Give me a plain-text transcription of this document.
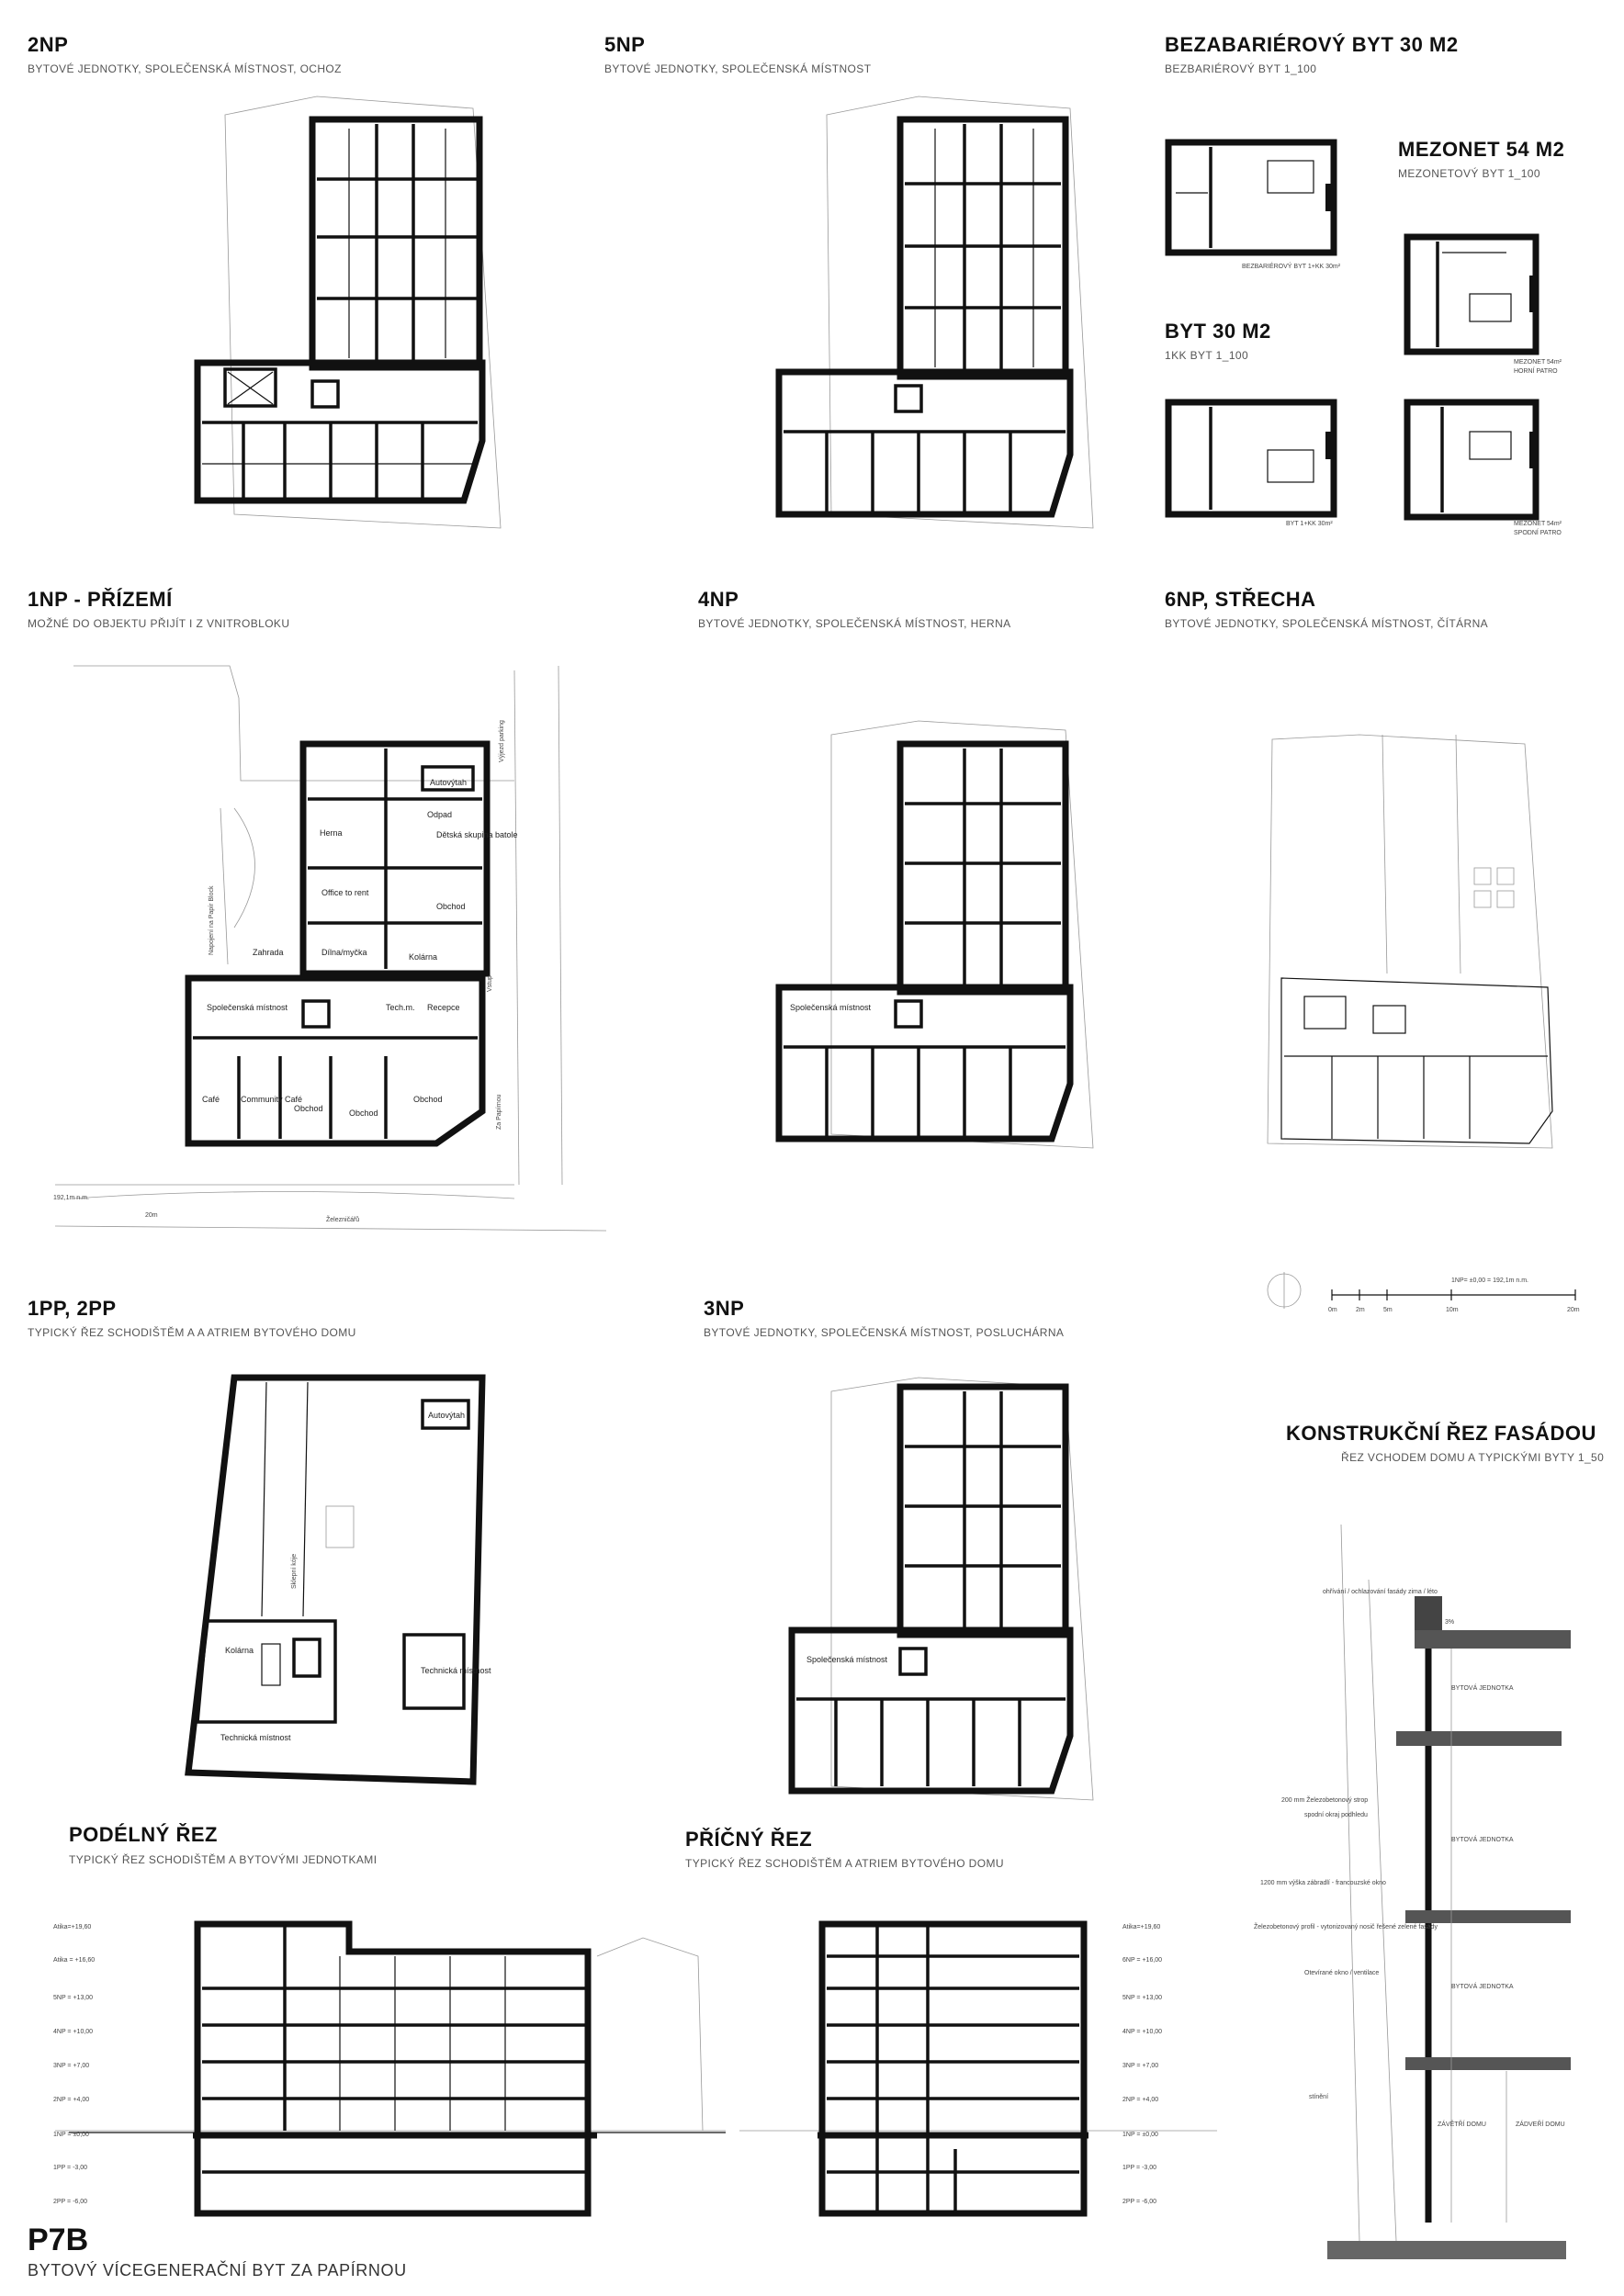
2NP
BYTOVÉ JEDNOTKY, SPOLEČENSKÁ MÍSTNOST, OCHOZ
5NP
BYTOVÉ JEDNOTKY, SPOLEČENSKÁ MÍSTNOST
BEZABARIÉROVÝ BYT 30 M2
BEZBARIÉROVÝ BYT 1_100
MEZONET 54 M2
MEZONETOVÝ BYT 1_100
BYT 30 M2
1KK BYT 1_100
BEZBARIÉROVÝ BYT 1+KK 30m²
BYT 1+KK 30m²
MEZONET 54m²
HORNÍ PATRO
MEZONET 54m²
SPODNÍ PATRO
1NP - PŘÍZEMÍ
MOŽNÉ DO OBJEKTU PŘIJÍT I Z VNITROBLOKU
Autovýtah
Odpad
Herna	Dětská skupina batole
Office to rent
Obchod
Zahrada	Dílna/myčka	Kolárna
Společenská místnost	Tech.m. Recepce
Café	Community Café
Obchod	Obchod
Obchod
Napojení na Papír Block
Za Papírnou
Vstup
Výjezd parking
Železničářů
192,1m n.m.
20m
4NP
BYTOVÉ JEDNOTKY, SPOLEČENSKÁ MÍSTNOST, HERNA
Společenská místnost
6NP, STŘECHA
BYTOVÉ JEDNOTKY, SPOLEČENSKÁ MÍSTNOST, ČÍTÁRNA
1NP= ±0,00 = 192,1m n.m.
0m	2m	5m	10m	20m
1PP, 2PP
TYPICKÝ ŘEZ SCHODIŠTĚM A A ATRIEM BYTOVÉHO DOMU
Autovýtah
Sklepní kóje
Kolárna
Technická místnost
Technická místnost
3NP
BYTOVÉ JEDNOTKY, SPOLEČENSKÁ MÍSTNOST, POSLUCHÁRNA
Společenská místnost
KONSTRUKČNÍ ŘEZ FASÁDOU
ŘEZ VCHODEM DOMU A TYPICKÝMI BYTY 1_50
BYTOVÁ JEDNOTKA
BYTOVÁ JEDNOTKA
BYTOVÁ JEDNOTKA
ZÁVĚTŘÍ DOMU	ZÁDVEŘÍ DOMU
3%
ohřívání / ochlazování fasády zima / léto
200 mm Železobetonový strop
spodní okraj podhledu
1200 mm výška zábradlí - francouzské okno
Železobetonový profil - vytonizovaný nosič řešené zelené fasády
Otevírané okno / ventilace
stínění
PODÉLNÝ ŘEZ
TYPICKÝ ŘEZ SCHODIŠTĚM A BYTOVÝMI JEDNOTKAMI
Atika=+19,60
Atika = +16,60
5NP = +13,00
4NP = +10,00
3NP = +7,00
2NP = +4,00
1NP = ±0,00
1PP = -3,00
2PP = -6,00
PŘÍČNÝ ŘEZ
TYPICKÝ ŘEZ SCHODIŠTĚM A ATRIEM BYTOVÉHO DOMU
Atika=+19,60
6NP = +16,00
5NP = +13,00
4NP = +10,00
3NP = +7,00
2NP = +4,00
1NP = ±0,00
1PP = -3,00
2PP = -6,00
P7B
BYTOVÝ VÍCEGENERAČNÍ BYT ZA PAPÍRNOU
